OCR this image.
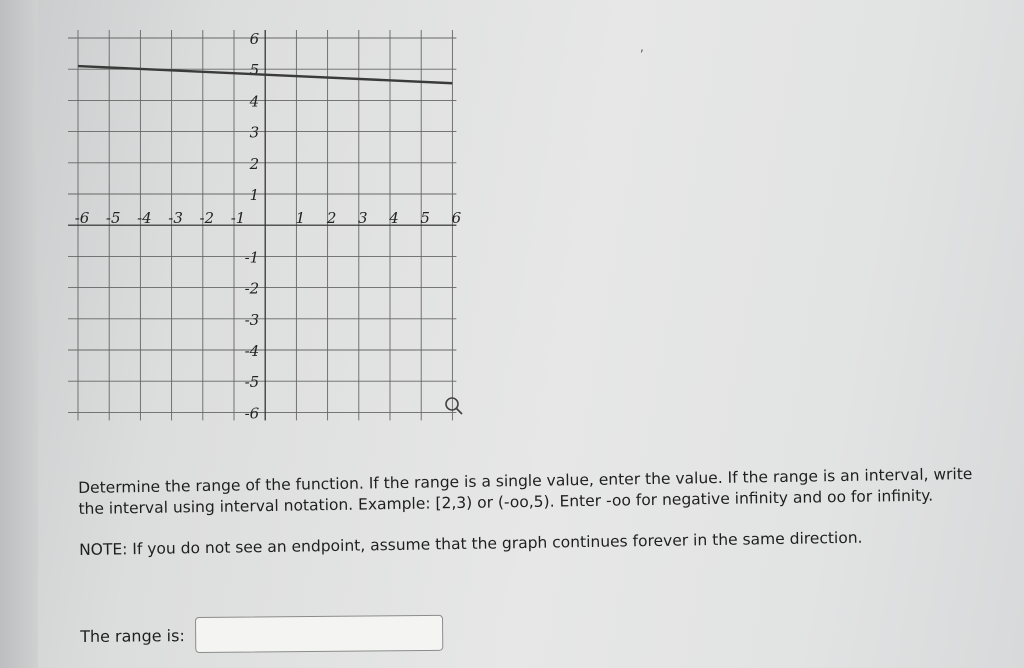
-6 -5 -4 -3 -2 -1	1 2 3 4 5 6
6
5
4
3
2
1
-1
-2
-3
-4
-5
-6
,

Determine the range of the function. If the range is a single value, enter the value. If the range is an interval, write the interval using interval notation. Example: [2,3) or (-oo,5). Enter -oo for negative infinity and oo for infinity.

NOTE: If you do not see an endpoint, assume that the graph continues forever in the same direction.

The range is:
